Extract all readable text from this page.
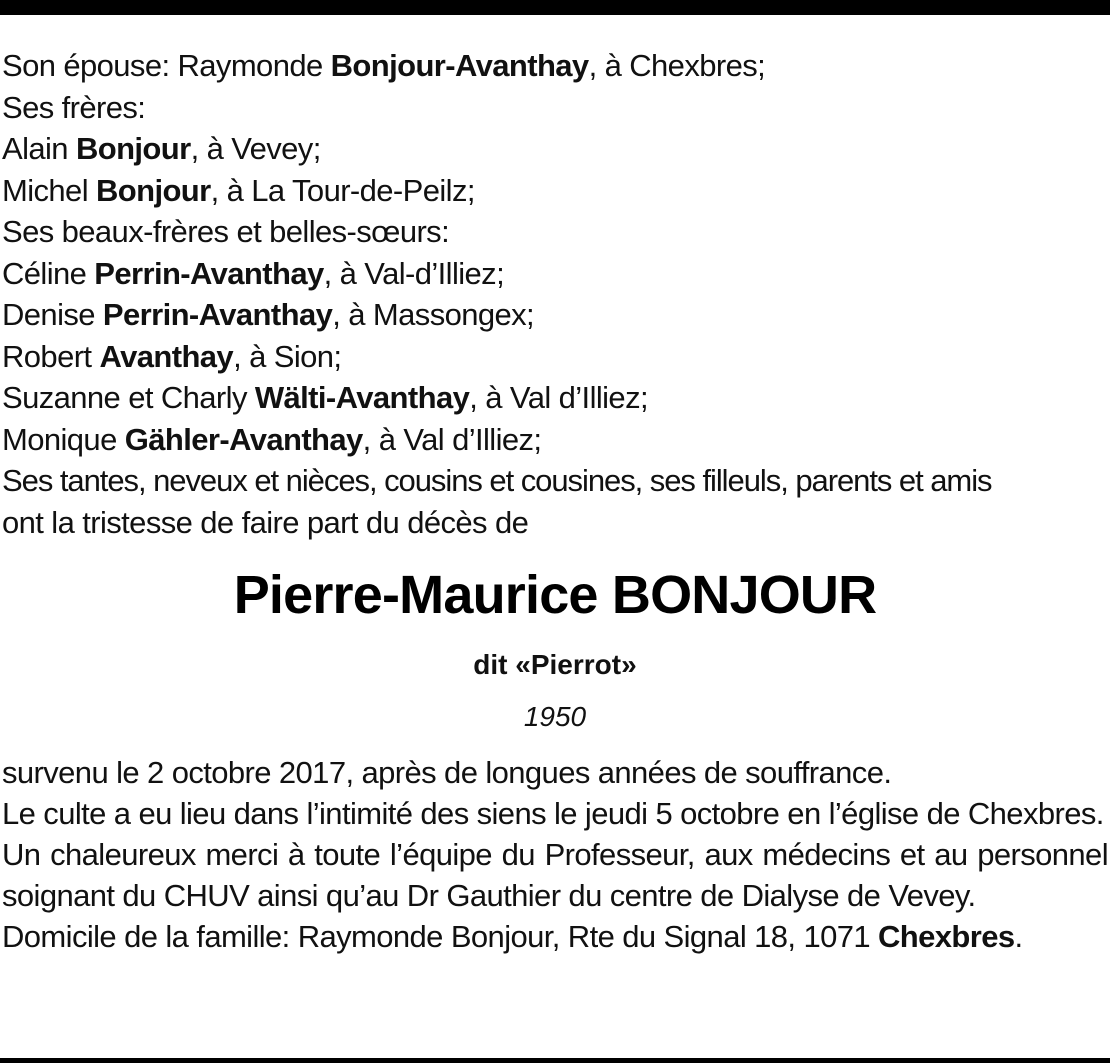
Son épouse: Raymonde Bonjour-Avanthay, à Chexbres;
Ses frères:
Alain Bonjour, à Vevey;
Michel Bonjour, à La Tour-de-Peilz;
Ses beaux-frères et belles-sœurs:
Céline Perrin-Avanthay, à Val-d’Illiez;
Denise Perrin-Avanthay, à Massongex;
Robert Avanthay, à Sion;
Suzanne et Charly Wälti-Avanthay, à Val d’Illiez;
Monique Gähler-Avanthay, à Val d’Illiez;
Ses tantes, neveux et nièces, cousins et cousines, ses filleuls, parents et amis
ont la tristesse de faire part du décès de
Pierre-Maurice BONJOUR
dit «Pierrot»
1950
survenu le 2 octobre 2017, après de longues années de souffrance.
Le culte a eu lieu dans l’intimité des siens le jeudi 5 octobre en l’église de Chexbres.
Un chaleureux merci à toute l’équipe du Professeur, aux médecins et au personnel soignant du CHUV ainsi qu’au Dr Gauthier du centre de Dialyse de Vevey.
Domicile de la famille: Raymonde Bonjour, Rte du Signal 18, 1071 Chexbres.
